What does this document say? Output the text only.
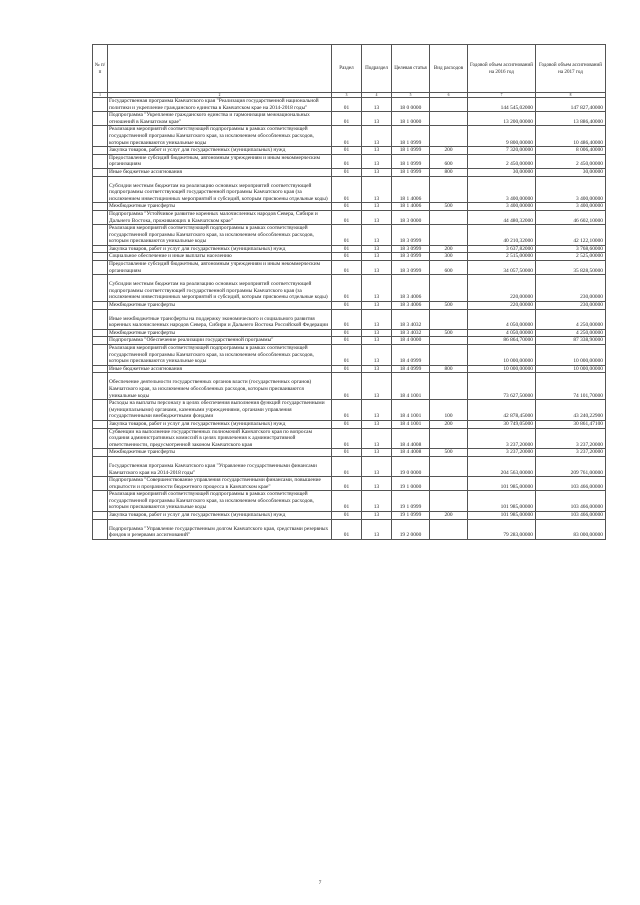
№ п/п		Раздел	Подраздел	Целевая статья	Вид расходов	Годовой объем ассигнований на 2016 год	Годовой объем ассигнований на 2017 год
1	2	3	4	5	6	7	8
	Государственная программа Камчатского края "Реализация государственной национальной политики и укрепление гражданского единства в Камчатском крае на 2014-2018 годы"	01	13	18 0 0000		144 545,02000	147 827,40000
	Подпрограмма "Укрепление гражданского единства и гармонизация межнациональных отношений в Камчатском крае"	01	13	18 1 0000		13 200,00000	13 886,40000
	Реализация мероприятий соответствующей подпрограммы в рамках соответствующей государственной программы Камчатского края, за исключением обособленных расходов, которым присваиваются уникальные коды	01	13	18 1 0999		9 800,00000	10 486,40000
	Закупка товаров, работ и услуг для государственных (муниципальных) нужд	01	13	18 1 0999	200	7 320,00000	8 006,40000
	Предоставление субсидий бюджетным, автономным учреждениям и иным некоммерческим организациям	01	13	18 1 0999	600	2 450,00000	2 450,00000
	Иные бюджетные ассигнования	01	13	18 1 0999	800	30,00000	30,00000
	Субсидии местным бюджетам на реализацию основных мероприятий соответствующей подпрограммы соответствующей государственной программы Камчатского края (за исключением инвестиционных мероприятий и субсидий, которым присвоены отдельные коды)	01	13	18 1 4006		3 400,00000	3 400,00000
	Межбюджетные трансферты	01	13	18 1 4006	500	3 400,00000	3 400,00000
	Подпрограмма "Устойчивое развитие коренных малочисленных народов Севера, Сибири и Дальнего Востока, проживающих в Камчатском крае"	01	13	18 3 0000		44 480,32000	46 602,10000
	Реализация мероприятий соответствующей подпрограммы в рамках соответствующей государственной программы Камчатского края, за исключением обособленных расходов, которым присваиваются уникальные коды	01	13	18 3 0999		40 210,32000	42 122,10000
	Закупка товаров, работ и услуг для государственных (муниципальных) нужд	01	13	18 3 0999	200	3 637,82000	3 768,60000
	Социальное обеспечение и иные выплаты населению	01	13	18 3 0999	300	2 515,00000	2 525,00000
	Предоставление субсидий бюджетным, автономным учреждениям и иным некоммерческим организациям	01	13	18 3 0999	600	34 057,50000	35 828,50000
	Субсидии местным бюджетам на реализацию основных мероприятий соответствующей подпрограммы соответствующей государственной программы Камчатского края (за исключением инвестиционных мероприятий и субсидий, которым присвоены отдельные коды)	01	13	18 3 4006		220,00000	230,00000
	Межбюджетные трансферты	01	13	18 3 4006	500	220,00000	230,00000
	Иные межбюджетные трансферты на поддержку экономического и социального развития коренных малочисленных народов Севера, Сибири и Дальнего Востока Российской Федерации	01	13	18 3 4032		4 050,00000	4 250,00000
	Межбюджетные трансферты	01	13	18 3 4032	500	4 050,00000	4 250,00000
	Подпрограмма "Обеспечение реализации государственной программы"	01	13	18 4 0000		86 864,70000	87 338,90000
	Реализация мероприятий соответствующей подпрограммы в рамках соответствующей государственной программы Камчатского края, за исключением обособленных расходов, которым присваиваются уникальные коды	01	13	18 4 0999		10 000,00000	10 000,00000
	Иные бюджетные ассигнования	01	13	18 4 0999	800	10 000,00000	10 000,00000
	Обеспечение деятельности государственных органов власти (государственных органов) Камчатского края, за исключением обособленных расходов, которым присваиваются уникальные коды	01	13	18 4 1001		73 627,50000	74 101,70000
	Расходы на выплаты персоналу в целях обеспечения выполнения функций государственными (муниципальными) органами, казенными учреждениями, органами управления государственными внебюджетными фондами	01	13	18 4 1001	100	42 878,45000	43 240,22900
	Закупка товаров, работ и услуг для государственных (муниципальных) нужд	01	13	18 4 1001	200	30 749,05000	30 861,47100
	Субвенции на выполнение государственных полномочий Камчатского края по вопросам создания административных комиссий в целях привлечения к административной ответственности, предусмотренной законом Камчатского края	01	13	18 4 4008		3 237,20000	3 237,20000
	Межбюджетные трансферты	01	13	18 4 4008	500	3 237,20000	3 237,20000
	Государственная программа Камчатского края "Управление государственными финансами Камчатского края на 2014-2018 годы"	01	13	19 0 0000		204 563,00000	209 761,00000
	Подпрограмма "Совершенствование управления государственными финансами, повышение открытости и прозрачности бюджетного процесса в Камчатском крае"	01	13	19 1 0000		101 985,00000	103 466,00000
	Реализация мероприятий соответствующей подпрограммы в рамках соответствующей государственной программы Камчатского края, за исключением обособленных расходов, которым присваиваются уникальные коды	01	13	19 1 0999		101 985,00000	103 466,00000
	Закупка товаров, работ и услуг для государственных (муниципальных) нужд	01	13	19 1 0999	200	101 985,00000	103 466,00000
	Подпрограмма "Управление государственным долгом Камчатского края, средствами резервных фондов и резервами ассигнований"	01	13	19 2 0000		79 283,00000	83 000,00000
7
